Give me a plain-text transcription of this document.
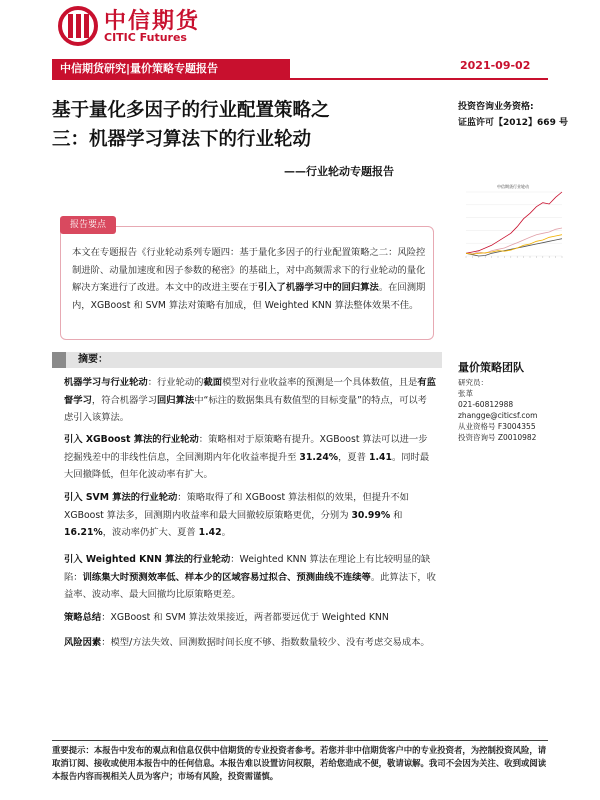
中信期货
CITIC Futures
中信期货研究|量价策略专题报告	2021-09-02
基于量化多因子的行业配置策略之
三：机器学习算法下的行业轮动
——行业轮动专题报告
投资咨询业务资格:
证监许可【2012】669 号
中信期货行业轮动
报告要点
本文在专题报告《行业轮动系列专题四：基于量化多因子的行业配置策略之二：风险控制进阶、动量加速度和因子参数的秘密》的基础上，对中高频需求下的行业轮动的量化解决方案进行了改进。本文中的改进主要在于引入了机器学习中的回归算法。在回测期内，XGBoost 和 SVM 算法对策略有加成，但 Weighted KNN 算法整体效果不佳。
摘要：
机器学习与行业轮动：行业轮动的截面模型对行业收益率的预测是一个具体数值，且是有监督学习，符合机器学习回归算法中“标注的数据集具有数值型的目标变量”的特点，可以考虑引入该算法。
引入 XGBoost 算法的行业轮动：策略相对于原策略有提升。XGBoost 算法可以进一步挖掘残差中的非线性信息，全回测期内年化收益率提升至 31.24%，夏普 1.41。同时最大回撤降低，但年化波动率有扩大。
引入 SVM 算法的行业轮动：策略取得了和 XGBoost 算法相似的效果，但提升不如 XGBoost 算法多，回测期内收益率和最大回撤较原策略更优，分别为 30.99% 和 16.21%，波动率仍扩大、夏普 1.42。
引入 Weighted KNN 算法的行业轮动：Weighted KNN 算法在理论上有比较明显的缺陷：训练集大时预测效率低、样本少的区域容易过拟合、预测曲线不连续等。此算法下，收益率、波动率、最大回撤均比原策略更差。
策略总结：XGBoost 和 SVM 算法效果接近，两者都要远优于 Weighted KNN
风险因素：模型/方法失效、回测数据时间长度不够、指数数量较少、没有考虑交易成本。
量价策略团队
研究员：
张革
021-60812988
zhangge@citicsf.com
从业资格号 F3004355
投资咨询号 Z0010982
重要提示：本报告中发布的观点和信息仅供中信期货的专业投资者参考。若您并非中信期货客户中的专业投资者，为控制投资风险，请取消订阅、接收或使用本报告中的任何信息。本报告难以设置访问权限，若给您造成不便，敬请谅解。我司不会因为关注、收到或阅读本报告内容而视相关人员为客户；市场有风险，投资需谨慎。
